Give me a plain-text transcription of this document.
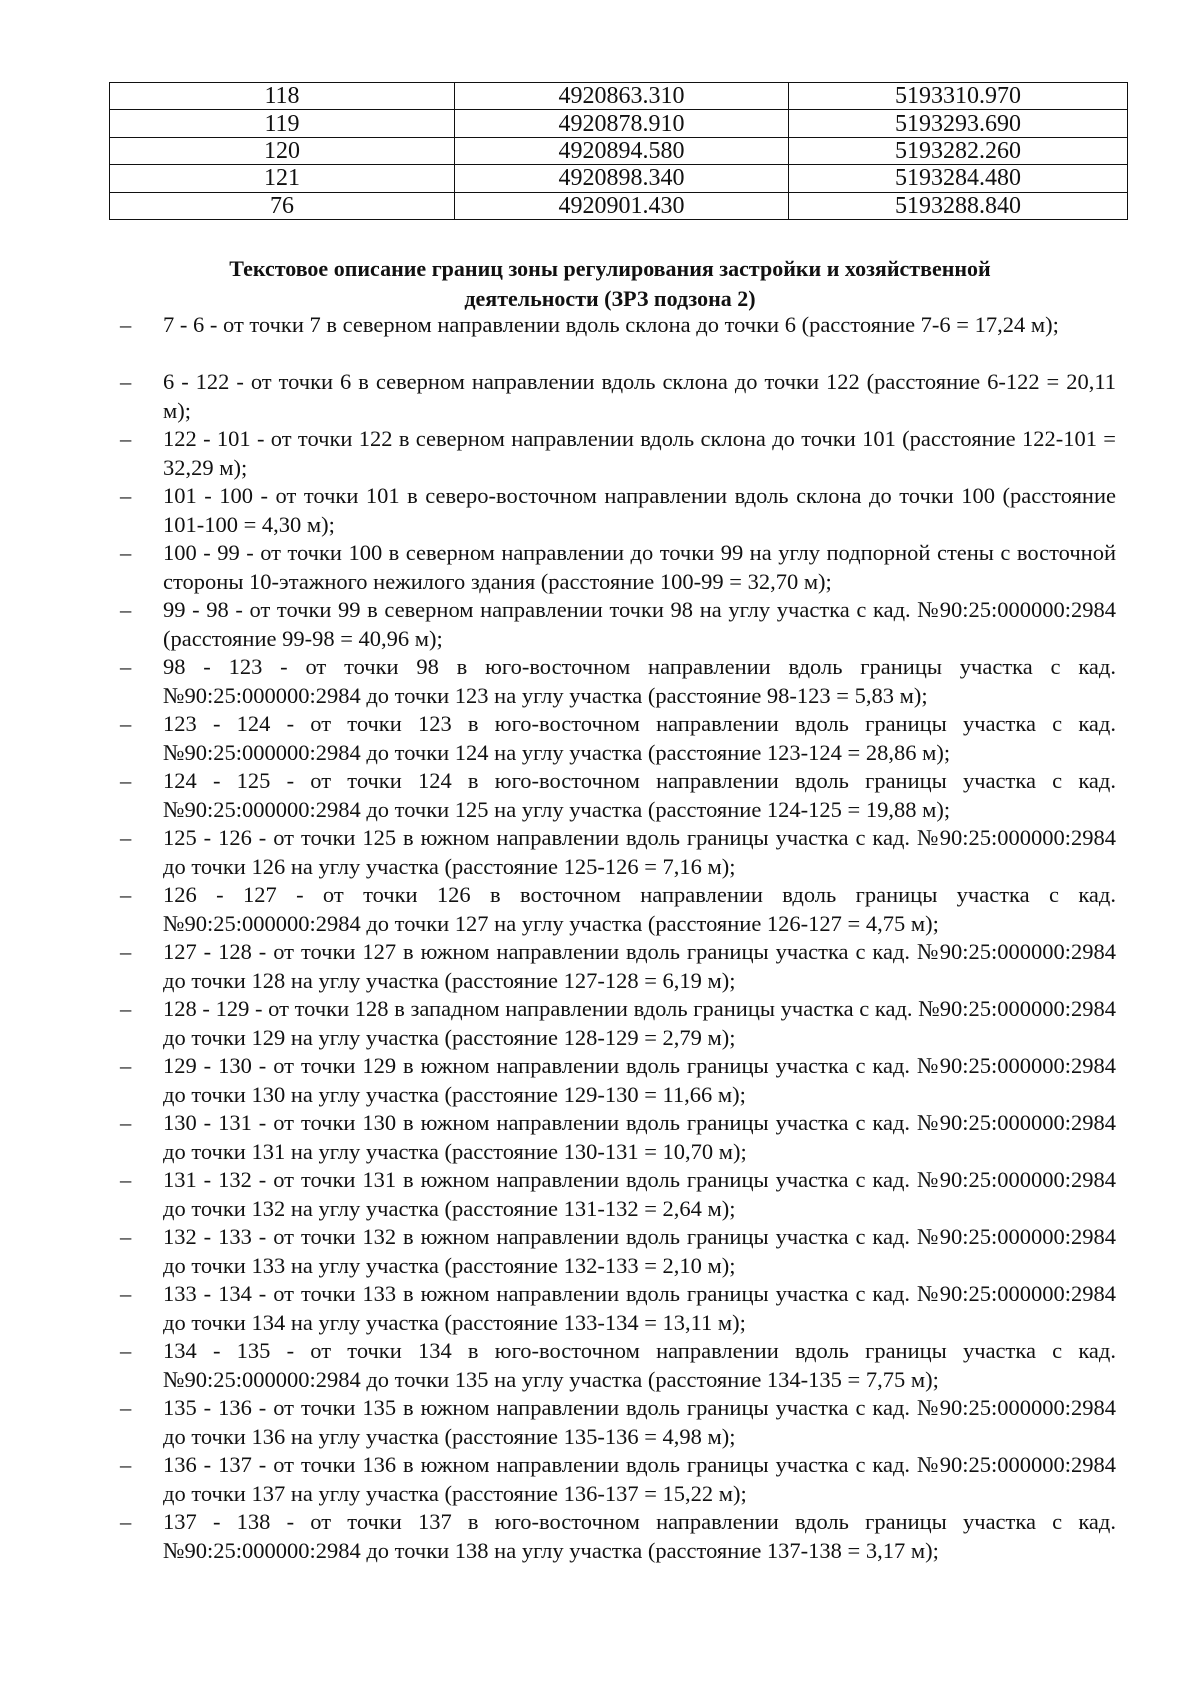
118	4920863.310	5193310.970
119	4920878.910	5193293.690
120	4920894.580	5193282.260
121	4920898.340	5193284.480
76	4920901.430	5193288.840
Текстовое описание границ зоны регулирования застройки и хозяйственной
деятельности (ЗРЗ подзона 2)
– 7 - 6 - от точки 7 в северном направлении вдоль склона до точки 6 (расстояние 7-6 = 17,24 м);
– 6 - 122 - от точки 6 в северном направлении вдоль склона до точки 122 (расстояние 6-122 = 20,11 м);
– 122 - 101 - от точки 122 в северном направлении вдоль склона до точки 101 (расстояние 122-101 = 32,29 м);
– 101 - 100 - от точки 101 в северо-восточном направлении вдоль склона до точки 100 (расстояние 101-100 = 4,30 м);
– 100 - 99 - от точки 100 в северном направлении до точки 99 на углу подпорной стены с восточной стороны 10-этажного нежилого здания (расстояние 100-99 = 32,70 м);
– 99 - 98 - от точки 99 в северном направлении точки 98 на углу участка с кад. №90:25:000000:2984 (расстояние 99-98 = 40,96 м);
– 98 - 123 - от точки 98 в юго-восточном направлении вдоль границы участка с кад. №90:25:000000:2984 до точки 123 на углу участка (расстояние 98-123 = 5,83 м);
– 123 - 124 - от точки 123 в юго-восточном направлении вдоль границы участка с кад. №90:25:000000:2984 до точки 124 на углу участка (расстояние 123-124 = 28,86 м);
– 124 - 125 - от точки 124 в юго-восточном направлении вдоль границы участка с кад. №90:25:000000:2984 до точки 125 на углу участка (расстояние 124-125 = 19,88 м);
– 125 - 126 - от точки 125 в южном направлении вдоль границы участка с кад. №90:25:000000:2984 до точки 126 на углу участка (расстояние 125-126 = 7,16 м);
– 126 - 127 - от точки 126 в восточном направлении вдоль границы участка с кад. №90:25:000000:2984 до точки 127 на углу участка (расстояние 126-127 = 4,75 м);
– 127 - 128 - от точки 127 в южном направлении вдоль границы участка с кад. №90:25:000000:2984 до точки 128 на углу участка (расстояние 127-128 = 6,19 м);
– 128 - 129 - от точки 128 в западном направлении вдоль границы участка с кад. №90:25:000000:2984 до точки 129 на углу участка (расстояние 128-129 = 2,79 м);
– 129 - 130 - от точки 129 в южном направлении вдоль границы участка с кад. №90:25:000000:2984 до точки 130 на углу участка (расстояние 129-130 = 11,66 м);
– 130 - 131 - от точки 130 в южном направлении вдоль границы участка с кад. №90:25:000000:2984 до точки 131 на углу участка (расстояние 130-131 = 10,70 м);
– 131 - 132 - от точки 131 в южном направлении вдоль границы участка с кад. №90:25:000000:2984 до точки 132 на углу участка (расстояние 131-132 = 2,64 м);
– 132 - 133 - от точки 132 в южном направлении вдоль границы участка с кад. №90:25:000000:2984 до точки 133 на углу участка (расстояние 132-133 = 2,10 м);
– 133 - 134 - от точки 133 в южном направлении вдоль границы участка с кад. №90:25:000000:2984 до точки 134 на углу участка (расстояние 133-134 = 13,11 м);
– 134 - 135 - от точки 134 в юго-восточном направлении вдоль границы участка с кад. №90:25:000000:2984 до точки 135 на углу участка (расстояние 134-135 = 7,75 м);
– 135 - 136 - от точки 135 в южном направлении вдоль границы участка с кад. №90:25:000000:2984 до точки 136 на углу участка (расстояние 135-136 = 4,98 м);
– 136 - 137 - от точки 136 в южном направлении вдоль границы участка с кад. №90:25:000000:2984 до точки 137 на углу участка (расстояние 136-137 = 15,22 м);
– 137 - 138 - от точки 137 в юго-восточном направлении вдоль границы участка с кад. №90:25:000000:2984 до точки 138 на углу участка (расстояние 137-138 = 3,17 м);
